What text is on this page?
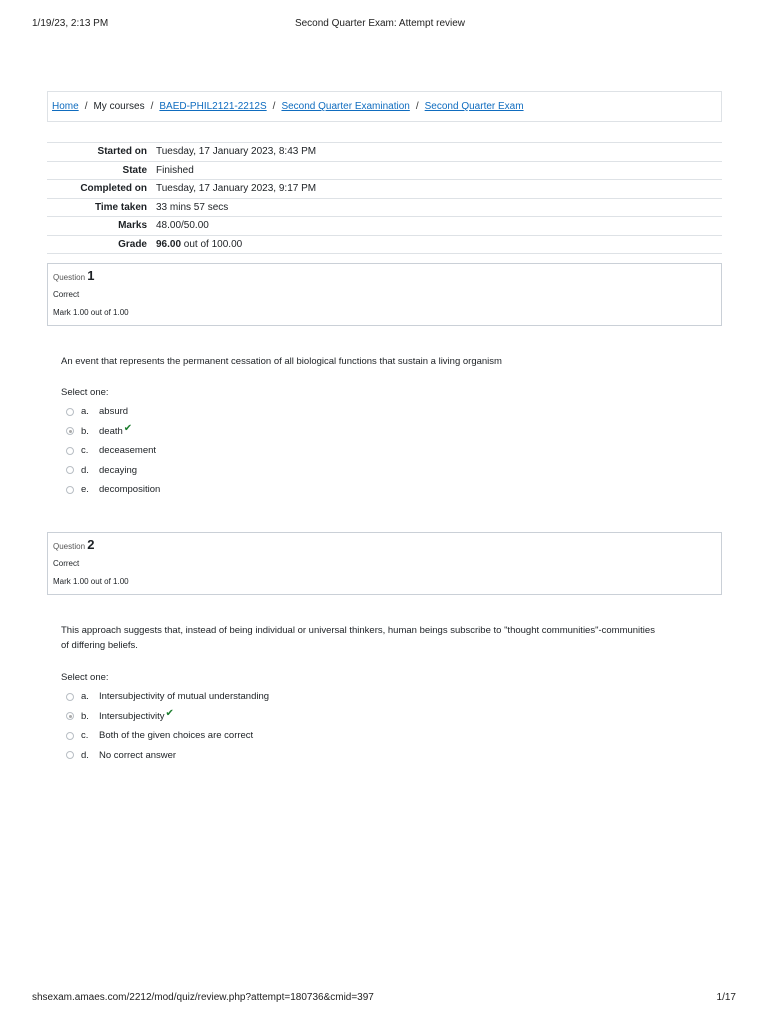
1/19/23, 2:13 PM	Second Quarter Exam: Attempt review
Home / My courses / BAED-PHIL2121-2212S / Second Quarter Examination / Second Quarter Exam
Started on	Tuesday, 17 January 2023, 8:43 PM
State	Finished
Completed on	Tuesday, 17 January 2023, 9:17 PM
Time taken	33 mins 57 secs
Marks	48.00/50.00
Grade	96.00 out of 100.00
Question 1
Correct
Mark 1.00 out of 1.00
An event that represents the permanent cessation of all biological functions that sustain a living organism
Select one:
a.	absurd
b.	death ✔
c.	deceasement
d.	decaying
e.	decomposition
Question 2
Correct
Mark 1.00 out of 1.00
This approach suggests that, instead of being individual or universal thinkers, human beings subscribe to "thought communities"-communities of differing beliefs.
Select one:
a.	Intersubjectivity of mutual understanding
b.	Intersubjectivity ✔
c.	Both of the given choices are correct
d.	No correct answer
shsexam.amaes.com/2212/mod/quiz/review.php?attempt=180736&cmid=397	1/17
